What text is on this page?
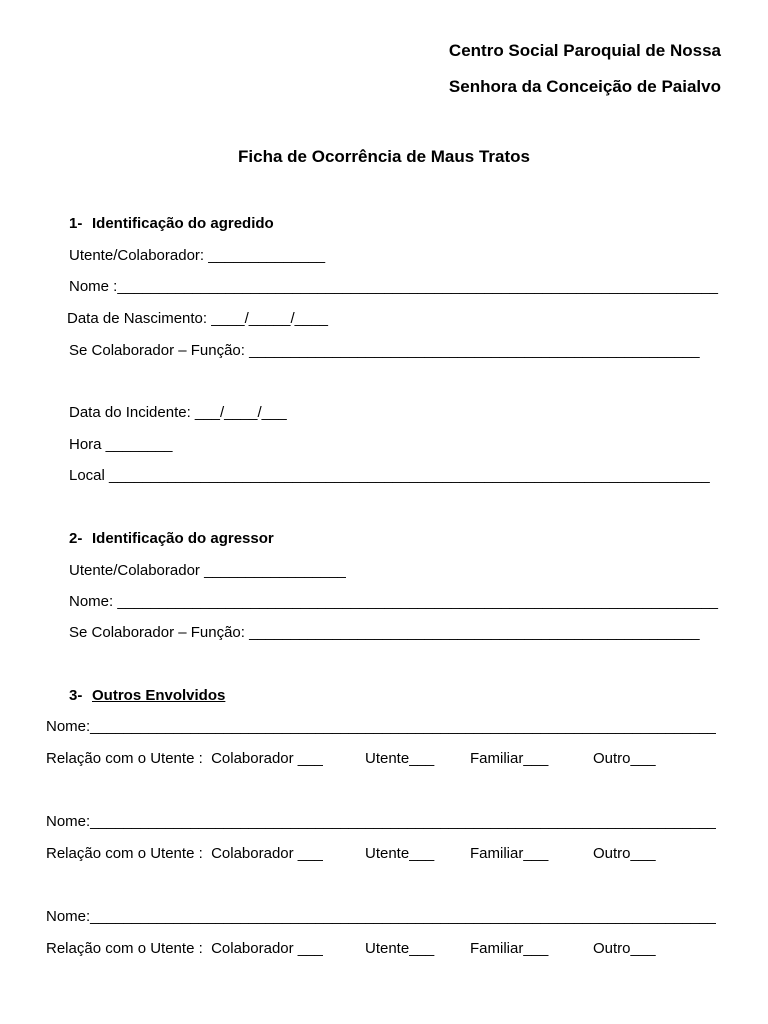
Centro Social Paroquial de Nossa
Senhora da Conceição de Paialvo
Ficha de Ocorrência de Maus Tratos
1- Identificação do agredido
Utente/Colaborador: ______________
Nome :________________________________________________________________________
Data de Nascimento: ____/_____/____
Se Colaborador – Função: ______________________________________________________
Data do Incidente: ___/____/___
Hora ________
Local ________________________________________________________________________
2- Identificação do agressor
Utente/Colaborador _________________
Nome: ________________________________________________________________________
Se Colaborador – Função: ______________________________________________________
3- Outros Envolvidos
Nome:___________________________________________________________________________
Relação com o Utente :  Colaborador ___	Utente___ Familiar___	Outro___
Nome:___________________________________________________________________________
Relação com o Utente :  Colaborador ___	Utente___ Familiar___	Outro___
Nome:___________________________________________________________________________
Relação com o Utente :  Colaborador ___	Utente___ Familiar___	Outro___
